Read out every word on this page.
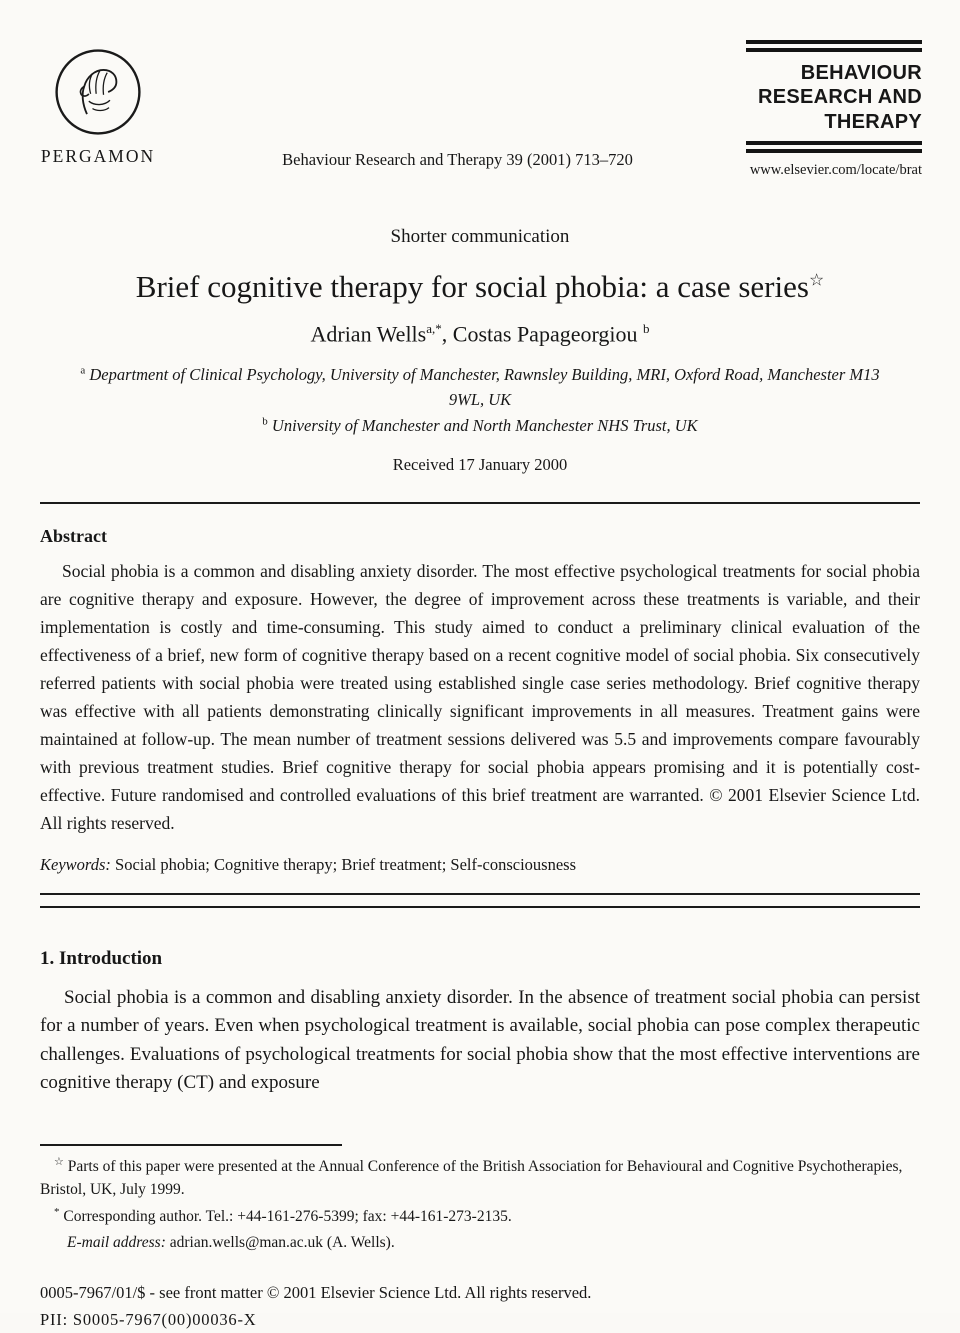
PERGAMON	Behaviour Research and Therapy 39 (2001) 713–720
BEHAVIOUR
RESEARCH AND
THERAPY
www.elsevier.com/locate/brat
Shorter communication
Brief cognitive therapy for social phobia: a case series☆
Adrian Wells$^{a,*}$, Costas Papageorgiou $^b$
$^a$ Department of Clinical Psychology, University of Manchester, Rawnsley Building, MRI, Oxford Road, Manchester M13 9WL, UK
$^b$ University of Manchester and North Manchester NHS Trust, UK
Received 17 January 2000
Abstract

Social phobia is a common and disabling anxiety disorder. The most effective psychological treatments for social phobia are cognitive therapy and exposure. However, the degree of improvement across these treatments is variable, and their implementation is costly and time-consuming. This study aimed to conduct a preliminary clinical evaluation of the effectiveness of a brief, new form of cognitive therapy based on a recent cognitive model of social phobia. Six consecutively referred patients with social phobia were treated using established single case series methodology. Brief cognitive therapy was effective with all patients demonstrating clinically significant improvements in all measures. Treatment gains were maintained at follow-up. The mean number of treatment sessions delivered was 5.5 and improvements compare favourably with previous treatment studies. Brief cognitive therapy for social phobia appears promising and it is potentially cost-effective. Future randomised and controlled evaluations of this brief treatment are warranted. © 2001 Elsevier Science Ltd. All rights reserved.

Keywords: Social phobia; Cognitive therapy; Brief treatment; Self-consciousness
1. Introduction

Social phobia is a common and disabling anxiety disorder. In the absence of treatment social phobia can persist for a number of years. Even when psychological treatment is available, social phobia can pose complex therapeutic challenges. Evaluations of psychological treatments for social phobia show that the most effective interventions are cognitive therapy (CT) and exposure

☆ Parts of this paper were presented at the Annual Conference of the British Association for Behavioural and Cognitive Psychotherapies, Bristol, UK, July 1999.

* Corresponding author. Tel.: +44-161-276-5399; fax: +44-161-273-2135.

E-mail address: adrian.wells@man.ac.uk (A. Wells).

0005-7967/01/$ - see front matter © 2001 Elsevier Science Ltd. All rights reserved.
PII: S0005-7967(00)00036-X
